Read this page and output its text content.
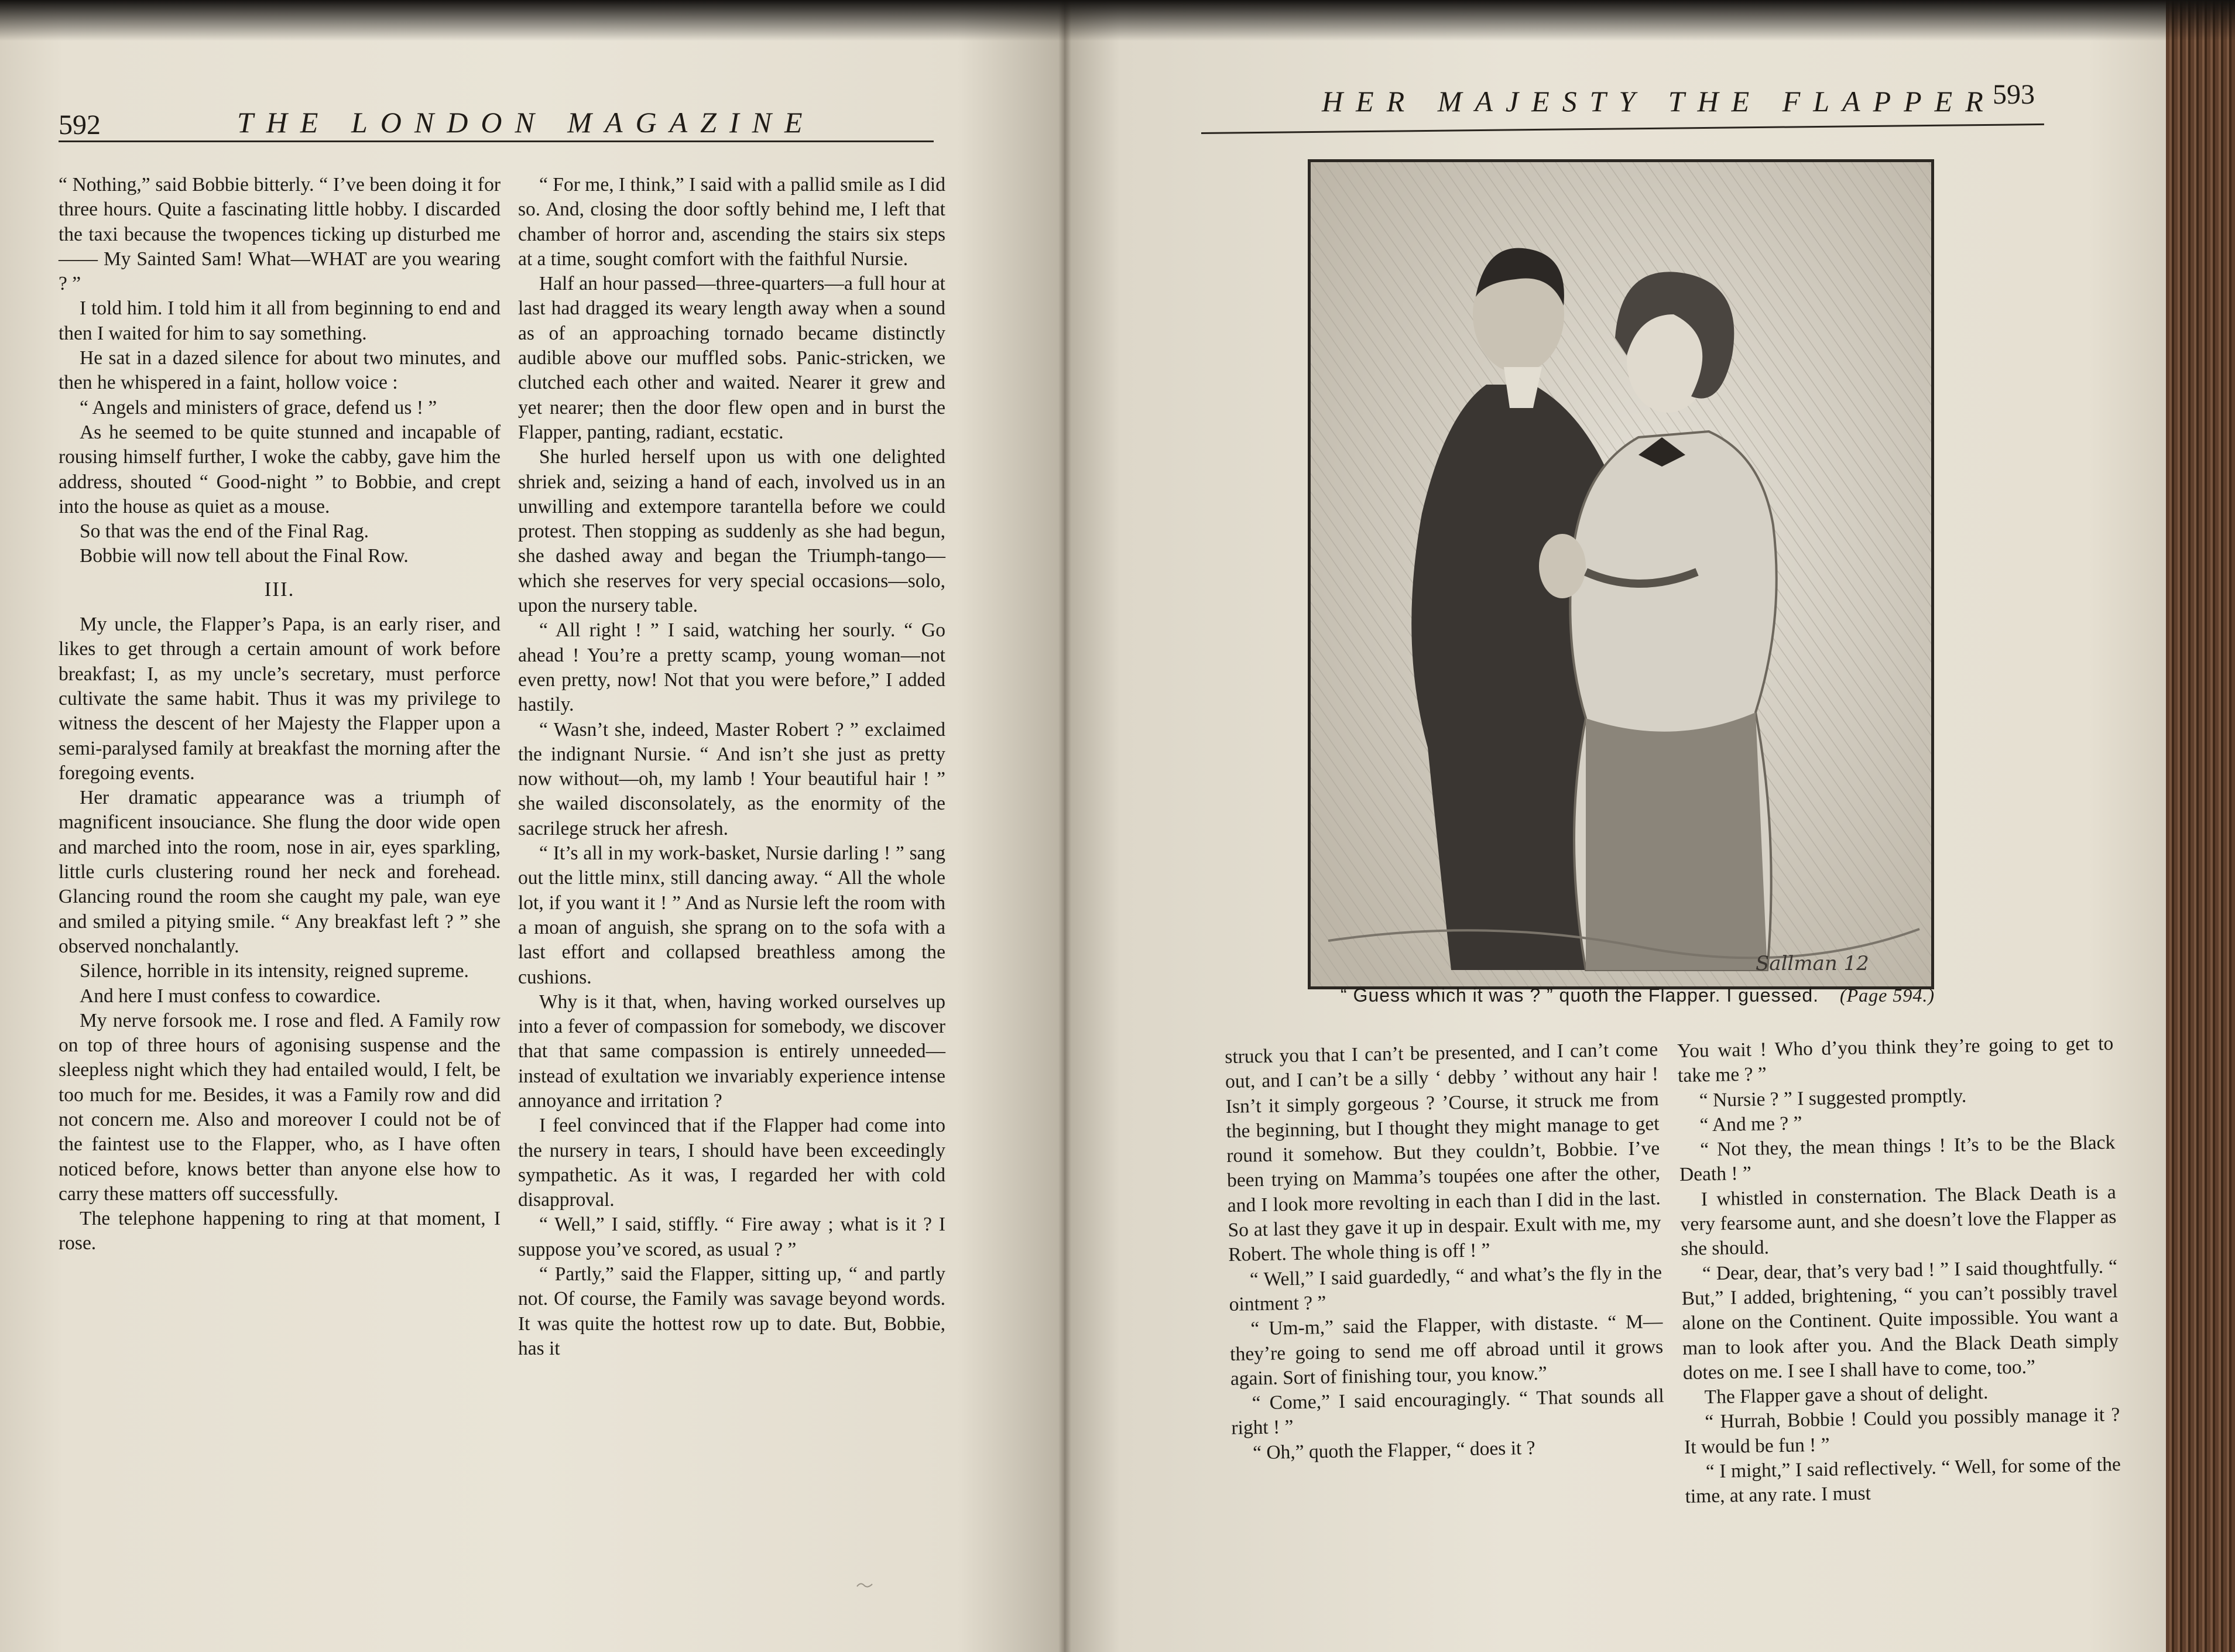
592	THE LONDON MAGAZINE

“ Nothing,” said Bobbie bitterly. “ I’ve been doing it for three hours. Quite a fascinating little hobby. I discarded the taxi because the twopences ticking up disturbed me—— My Sainted Sam! What—WHAT are you wearing ? ”

I told him. I told him it all from beginning to end and then I waited for him to say something.

He sat in a dazed silence for about two minutes, and then he whispered in a faint, hollow voice :

“ Angels and ministers of grace, defend us ! ”

As he seemed to be quite stunned and incapable of rousing himself further, I woke the cabby, gave him the address, shouted “ Good-night ” to Bobbie, and crept into the house as quiet as a mouse.

So that was the end of the Final Rag.

Bobbie will now tell about the Final Row.

III.

My uncle, the Flapper’s Papa, is an early riser, and likes to get through a certain amount of work before breakfast; I, as my uncle’s secretary, must perforce cultivate the same habit. Thus it was my privilege to witness the descent of her Majesty the Flapper upon a semi-paralysed family at breakfast the morning after the foregoing events.

Her dramatic appearance was a triumph of magnificent insouciance. She flung the door wide open and marched into the room, nose in air, eyes sparkling, little curls clustering round her neck and forehead. Glancing round the room she caught my pale, wan eye and smiled a pitying smile. “ Any breakfast left ? ” she observed nonchalantly.

Silence, horrible in its intensity, reigned supreme.

And here I must confess to cowardice.

My nerve forsook me. I rose and fled. A Family row on top of three hours of agonising suspense and the sleepless night which they had entailed would, I felt, be too much for me. Besides, it was a Family row and did not concern me. Also and moreover I could not be of the faintest use to the Flapper, who, as I have often noticed before, knows better than anyone else how to carry these matters off successfully.

The telephone happening to ring at that moment, I rose.

“ For me, I think,” I said with a pallid smile as I did so. And, closing the door softly behind me, I left that chamber of horror and, ascending the stairs six steps at a time, sought comfort with the faithful Nursie.

Half an hour passed—three-quarters—a full hour at last had dragged its weary length away when a sound as of an approaching tornado became distinctly audible above our muffled sobs. Panic-stricken, we clutched each other and waited. Nearer it grew and yet nearer; then the door flew open and in burst the Flapper, panting, radiant, ecstatic.

She hurled herself upon us with one delighted shriek and, seizing a hand of each, involved us in an unwilling and extempore tarantella before we could protest. Then stopping as suddenly as she had begun, she dashed away and began the Triumph-tango—which she reserves for very special occasions—solo, upon the nursery table.

“ All right ! ” I said, watching her sourly. “ Go ahead ! You’re a pretty scamp, young woman—not even pretty, now! Not that you were before,” I added hastily.

“ Wasn’t she, indeed, Master Robert ? ” exclaimed the indignant Nursie. “ And isn’t she just as pretty now without—oh, my lamb ! Your beautiful hair ! ” she wailed disconsolately, as the enormity of the sacrilege struck her afresh.

“ It’s all in my work-basket, Nursie darling ! ” sang out the little minx, still dancing away. “ All the whole lot, if you want it ! ” And as Nursie left the room with a moan of anguish, she sprang on to the sofa with a last effort and collapsed breathless among the cushions.

Why is it that, when, having worked ourselves up into a fever of compassion for somebody, we discover that that same compassion is entirely unneeded—instead of exultation we invariably experience intense annoyance and irritation ?

I feel convinced that if the Flapper had come into the nursery in tears, I should have been exceedingly sympathetic. As it was, I regarded her with cold disapproval.

“ Well,” I said, stiffly. “ Fire away ; what is it ? I suppose you’ve scored, as usual ? ”

“ Partly,” said the Flapper, sitting up, “ and partly not. Of course, the Family was savage beyond words. It was quite the hottest row up to date. But, Bobbie, has it

HER MAJESTY THE FLAPPER
593
Sallman 12
“ Guess which it was ? ” quoth the Flapper. I guessed. (Page 594.)

struck you that I can’t be presented, and I can’t come out, and I can’t be a silly ‘ debby ’ without any hair ! Isn’t it simply gorgeous ? ’Course, it struck me from the beginning, but I thought they might manage to get round it somehow. But they couldn’t, Bobbie. I’ve been trying on Mamma’s toupées one after the other, and I look more revolting in each than I did in the last. So at last they gave it up in despair. Exult with me, my Robert. The whole thing is off ! ”

“ Well,” I said guardedly, “ and what’s the fly in the ointment ? ”

“ Um-m,” said the Flapper, with distaste. “ M—they’re going to send me off abroad until it grows again. Sort of finishing tour, you know.”

“ Come,” I said encouragingly. “ That sounds all right ! ”

“ Oh,” quoth the Flapper, “ does it ?

You wait ! Who d’you think they’re going to get to take me ? ”

“ Nursie ? ” I suggested promptly.

“ And me ? ”

“ Not they, the mean things ! It’s to be the Black Death ! ”

I whistled in consternation. The Black Death is a very fearsome aunt, and she doesn’t love the Flapper as she should.

“ Dear, dear, that’s very bad ! ” I said thoughtfully. “ But,” I added, brightening, “ you can’t possibly travel alone on the Continent. Quite impossible. You want a man to look after you. And the Black Death simply dotes on me. I see I shall have to come, too.”

The Flapper gave a shout of delight.

“ Hurrah, Bobbie ! Could you possibly manage it ? It would be fun ! ”

“ I might,” I said reflectively. “ Well, for some of the time, at any rate. I must
